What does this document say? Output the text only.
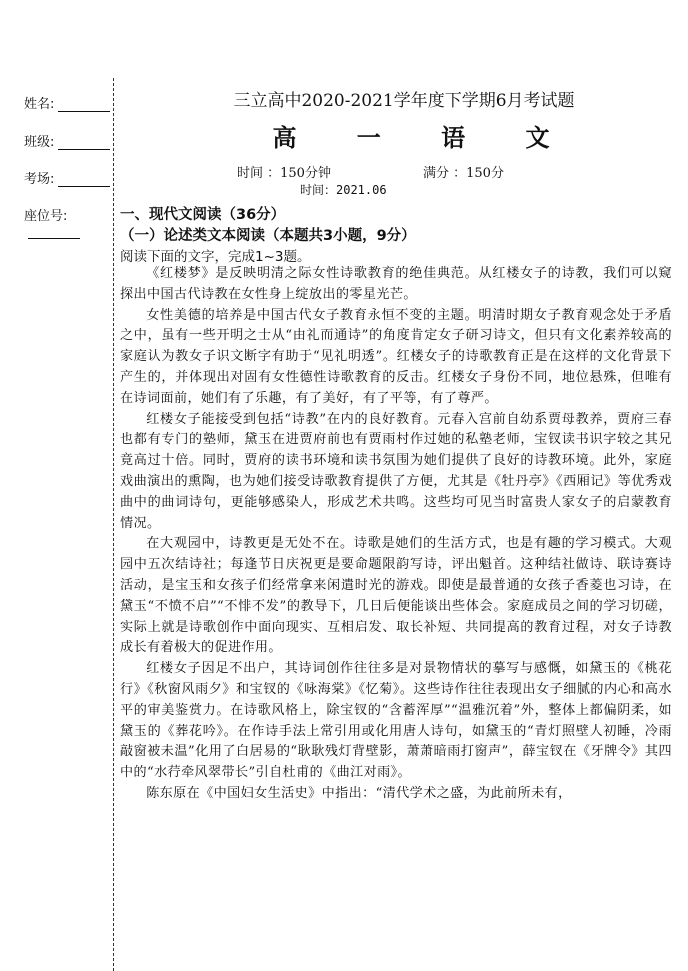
姓名:
班级:
考场:
座位号:
三立高中2020-2021学年度下学期6月考试题
高 一 语 文
时间 ：150分钟	满分 ：150分
时间：2021.06
一、现代文阅读（36分）
（一）论述类文本阅读（本题共3小题，9分）
阅读下面的文字，完成1~3题。

《红楼梦》是反映明清之际女性诗歌教育的绝佳典范。从红楼女子的诗教，我们可以窥探出中国古代诗教在女性身上绽放出的零星光芒。

女性美德的培养是中国古代女子教育永恒不变的主题。明清时期女子教育观念处于矛盾之中，虽有一些开明之士从“由礼而通诗”的角度肯定女子研习诗文，但只有文化素养较高的家庭认为教女子识文断字有助于“见礼明透”。红楼女子的诗歌教育正是在这样的文化背景下产生的，并体现出对固有女性德性诗歌教育的反击。红楼女子身份不同，地位悬殊，但唯有在诗词面前，她们有了乐趣，有了美好，有了平等，有了尊严。

红楼女子能接受到包括“诗教”在内的良好教育。元春入宫前自幼系贾母教养，贾府三春也都有专门的塾师，黛玉在进贾府前也有贾雨村作过她的私塾老师，宝钗读书识字较之其兄竟高过十倍。同时，贾府的读书环境和读书氛围为她们提供了良好的诗教环境。此外，家庭戏曲演出的熏陶，也为她们接受诗歌教育提供了方便，尤其是《牡丹亭》《西厢记》等优秀戏曲中的曲词诗句，更能够感染人，形成艺术共鸣。这些均可见当时富贵人家女子的启蒙教育情况。

在大观园中，诗教更是无处不在。诗歌是她们的生活方式，也是有趣的学习模式。大观园中五次结诗社；每逢节日庆祝更是要命题限韵写诗，评出魁首。这种结社做诗、联诗赛诗活动，是宝玉和女孩子们经常拿来闲遣时光的游戏。即使是最普通的女孩子香菱也习诗，在黛玉“不愤不启”“不悱不发”的教导下，几日后便能谈出些体会。家庭成员之间的学习切磋，实际上就是诗歌创作中面向现实、互相启发、取长补短、共同提高的教育过程，对女子诗教成长有着极大的促进作用。

红楼女子因足不出户，其诗词创作往往多是对景物情状的摹写与感慨，如黛玉的《桃花行》《秋窗风雨夕》和宝钗的《咏海棠》《忆菊》。这些诗作往往表现出女子细腻的内心和高水平的审美鉴赏力。在诗歌风格上，除宝钗的“含蓄浑厚”“温雅沉着”外，整体上都偏阴柔，如黛玉的《葬花吟》。在作诗手法上常引用或化用唐人诗句，如黛玉的“青灯照壁人初睡，冷雨敲窗被未温”化用了白居易的“耿耿残灯背壁影，萧萧暗雨打窗声”，薛宝钗在《牙牌令》其四中的“水荇牵风翠带长”引自杜甫的《曲江对雨》。

陈东原在《中国妇女生活史》中指出：“清代学术之盛，为此前所未有，
